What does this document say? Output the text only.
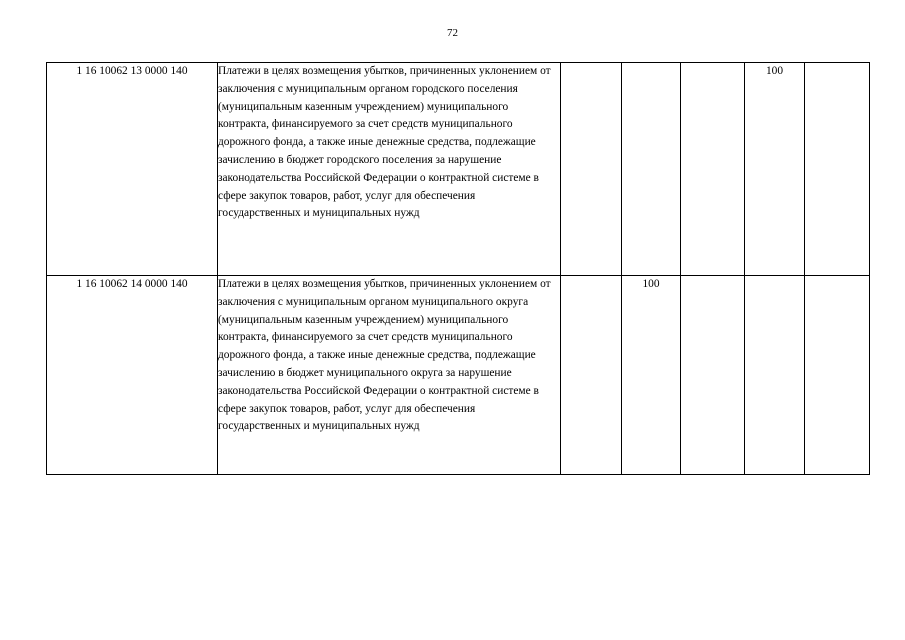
72
1 16 10062 13 0000 140	Платежи в целях возмещения убытков, причиненных уклонением от заключения с муниципальным органом городского поселения (муниципальным казенным учреждением) муниципального контракта, финансируемого за счет средств муниципального дорожного фонда, а также иные денежные средства, подлежащие зачислению в бюджет городского поселения за нарушение законодательства Российской Федерации о контрактной системе в сфере закупок товаров, работ, услуг для обеспечения государственных и муниципальных нужд				100	
1 16 10062 14 0000 140	Платежи в целях возмещения убытков, причиненных уклонением от заключения с муниципальным органом муниципального округа (муниципальным казенным учреждением) муниципального контракта, финансируемого за счет средств муниципального дорожного фонда, а также иные денежные средства, подлежащие зачислению в бюджет муниципального округа за нарушение законодательства Российской Федерации о контрактной системе в сфере закупок товаров, работ, услуг для обеспечения государственных и муниципальных нужд		100			
